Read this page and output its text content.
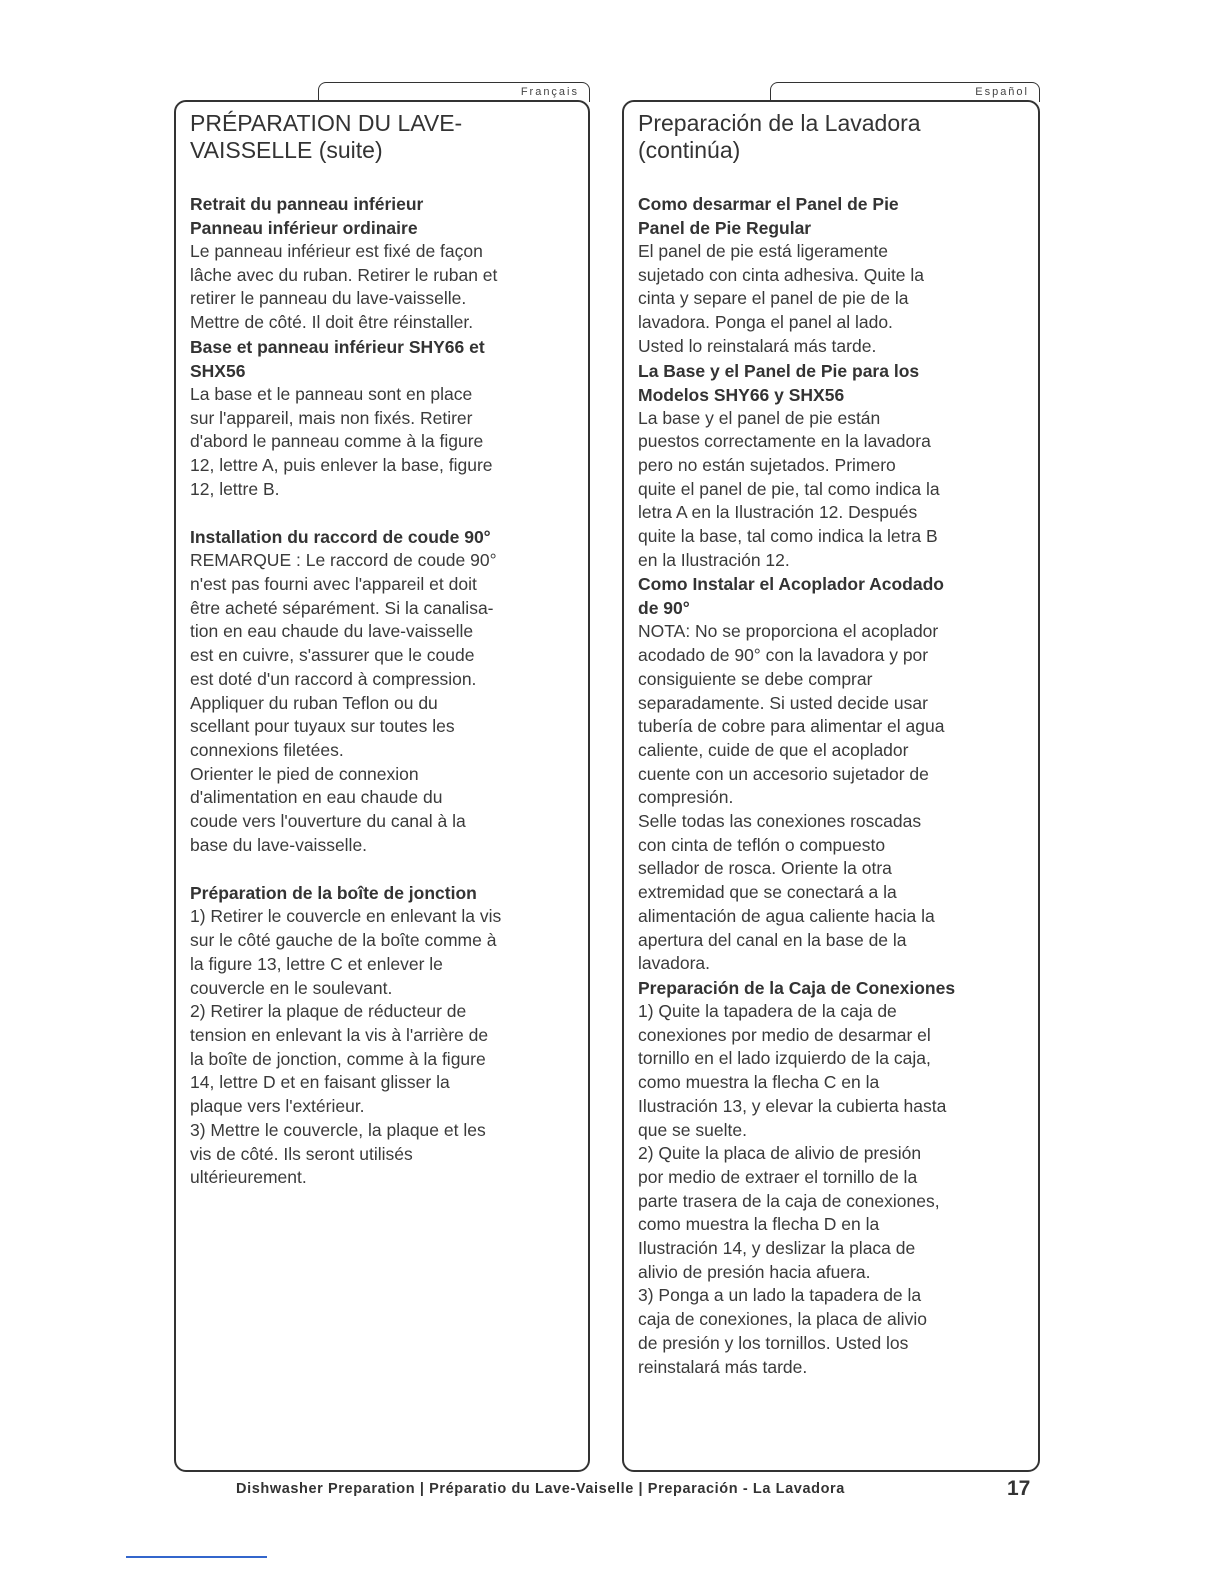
Français	Español
PRÉPARATION DU LAVE-
VAISSELLE (suite)
Retrait du panneau inférieur
Panneau inférieur ordinaire
Le panneau inférieur est fixé de façon
lâche avec du ruban. Retirer le ruban et
retirer le panneau du lave-vaisselle.
Mettre de côté. Il doit être réinstaller.
Base et panneau inférieur SHY66 et
SHX56
La base et le panneau sont en place
sur l'appareil, mais non fixés. Retirer
d'abord le panneau comme à la figure
12, lettre A, puis enlever la base, figure
12, lettre B.
Installation du raccord de coude 90°
REMARQUE : Le raccord de coude 90°
n'est pas fourni avec l'appareil et doit
être acheté séparément. Si la canalisa-
tion en eau chaude du lave-vaisselle
est en cuivre, s'assurer que le coude
est doté d'un raccord à compression.
Appliquer du ruban Teflon ou du
scellant pour tuyaux sur toutes les
connexions filetées.
Orienter le pied de connexion
d'alimentation en eau chaude du
coude vers l'ouverture du canal à la
base du lave-vaisselle.
Préparation de la boîte de jonction
1) Retirer le couvercle en enlevant la vis
sur le côté gauche de la boîte comme à
la figure 13, lettre C et enlever le
couvercle en le soulevant.
2) Retirer la plaque de réducteur de
tension en enlevant la vis à l'arrière de
la boîte de jonction, comme à la figure
14, lettre D et en faisant glisser la
plaque vers l'extérieur.
3) Mettre le couvercle, la plaque et les
vis de côté. Ils seront utilisés
ultérieurement.
Preparación de la Lavadora
(continúa)
Como desarmar el Panel de Pie
Panel de Pie Regular
El panel de pie está ligeramente
sujetado con cinta adhesiva. Quite la
cinta y separe el panel de pie de la
lavadora. Ponga el panel al lado.
Usted lo reinstalará más tarde.
La Base y el Panel de Pie para los
Modelos SHY66 y SHX56
La base y el panel de pie están
puestos correctamente en la lavadora
pero no están sujetados. Primero
quite el panel de pie, tal como indica la
letra A en la Ilustración 12. Después
quite la base, tal como indica la letra B
en la Ilustración 12.
Como Instalar el Acoplador Acodado
de 90°
NOTA: No se proporciona el acoplador
acodado de 90° con la lavadora y por
consiguiente se debe comprar
separadamente. Si usted decide usar
tubería de cobre para alimentar el agua
caliente, cuide de que el acoplador
cuente con un accesorio sujetador de
compresión.
Selle todas las conexiones roscadas
con cinta de teflón o compuesto
sellador de rosca. Oriente la otra
extremidad que se conectará a la
alimentación de agua caliente hacia la
apertura del canal en la base de la
lavadora.
Preparación de la Caja de Conexiones
1) Quite la tapadera de la caja de
conexiones por medio de desarmar el
tornillo en el lado izquierdo de la caja,
como muestra la flecha C en la
Ilustración 13, y elevar la cubierta hasta
que se suelte.
2) Quite la placa de alivio de presión
por medio de extraer el tornillo de la
parte trasera de la caja de conexiones,
como muestra la flecha D en la
Ilustración 14, y deslizar la placa de
alivio de presión hacia afuera.
3) Ponga a un lado la tapadera de la
caja de conexiones, la placa de alivio
de presión y los tornillos. Usted los
reinstalará más tarde.
Dishwasher Preparation | Préparatio du Lave-Vaiselle | Preparación - La Lavadora	17
